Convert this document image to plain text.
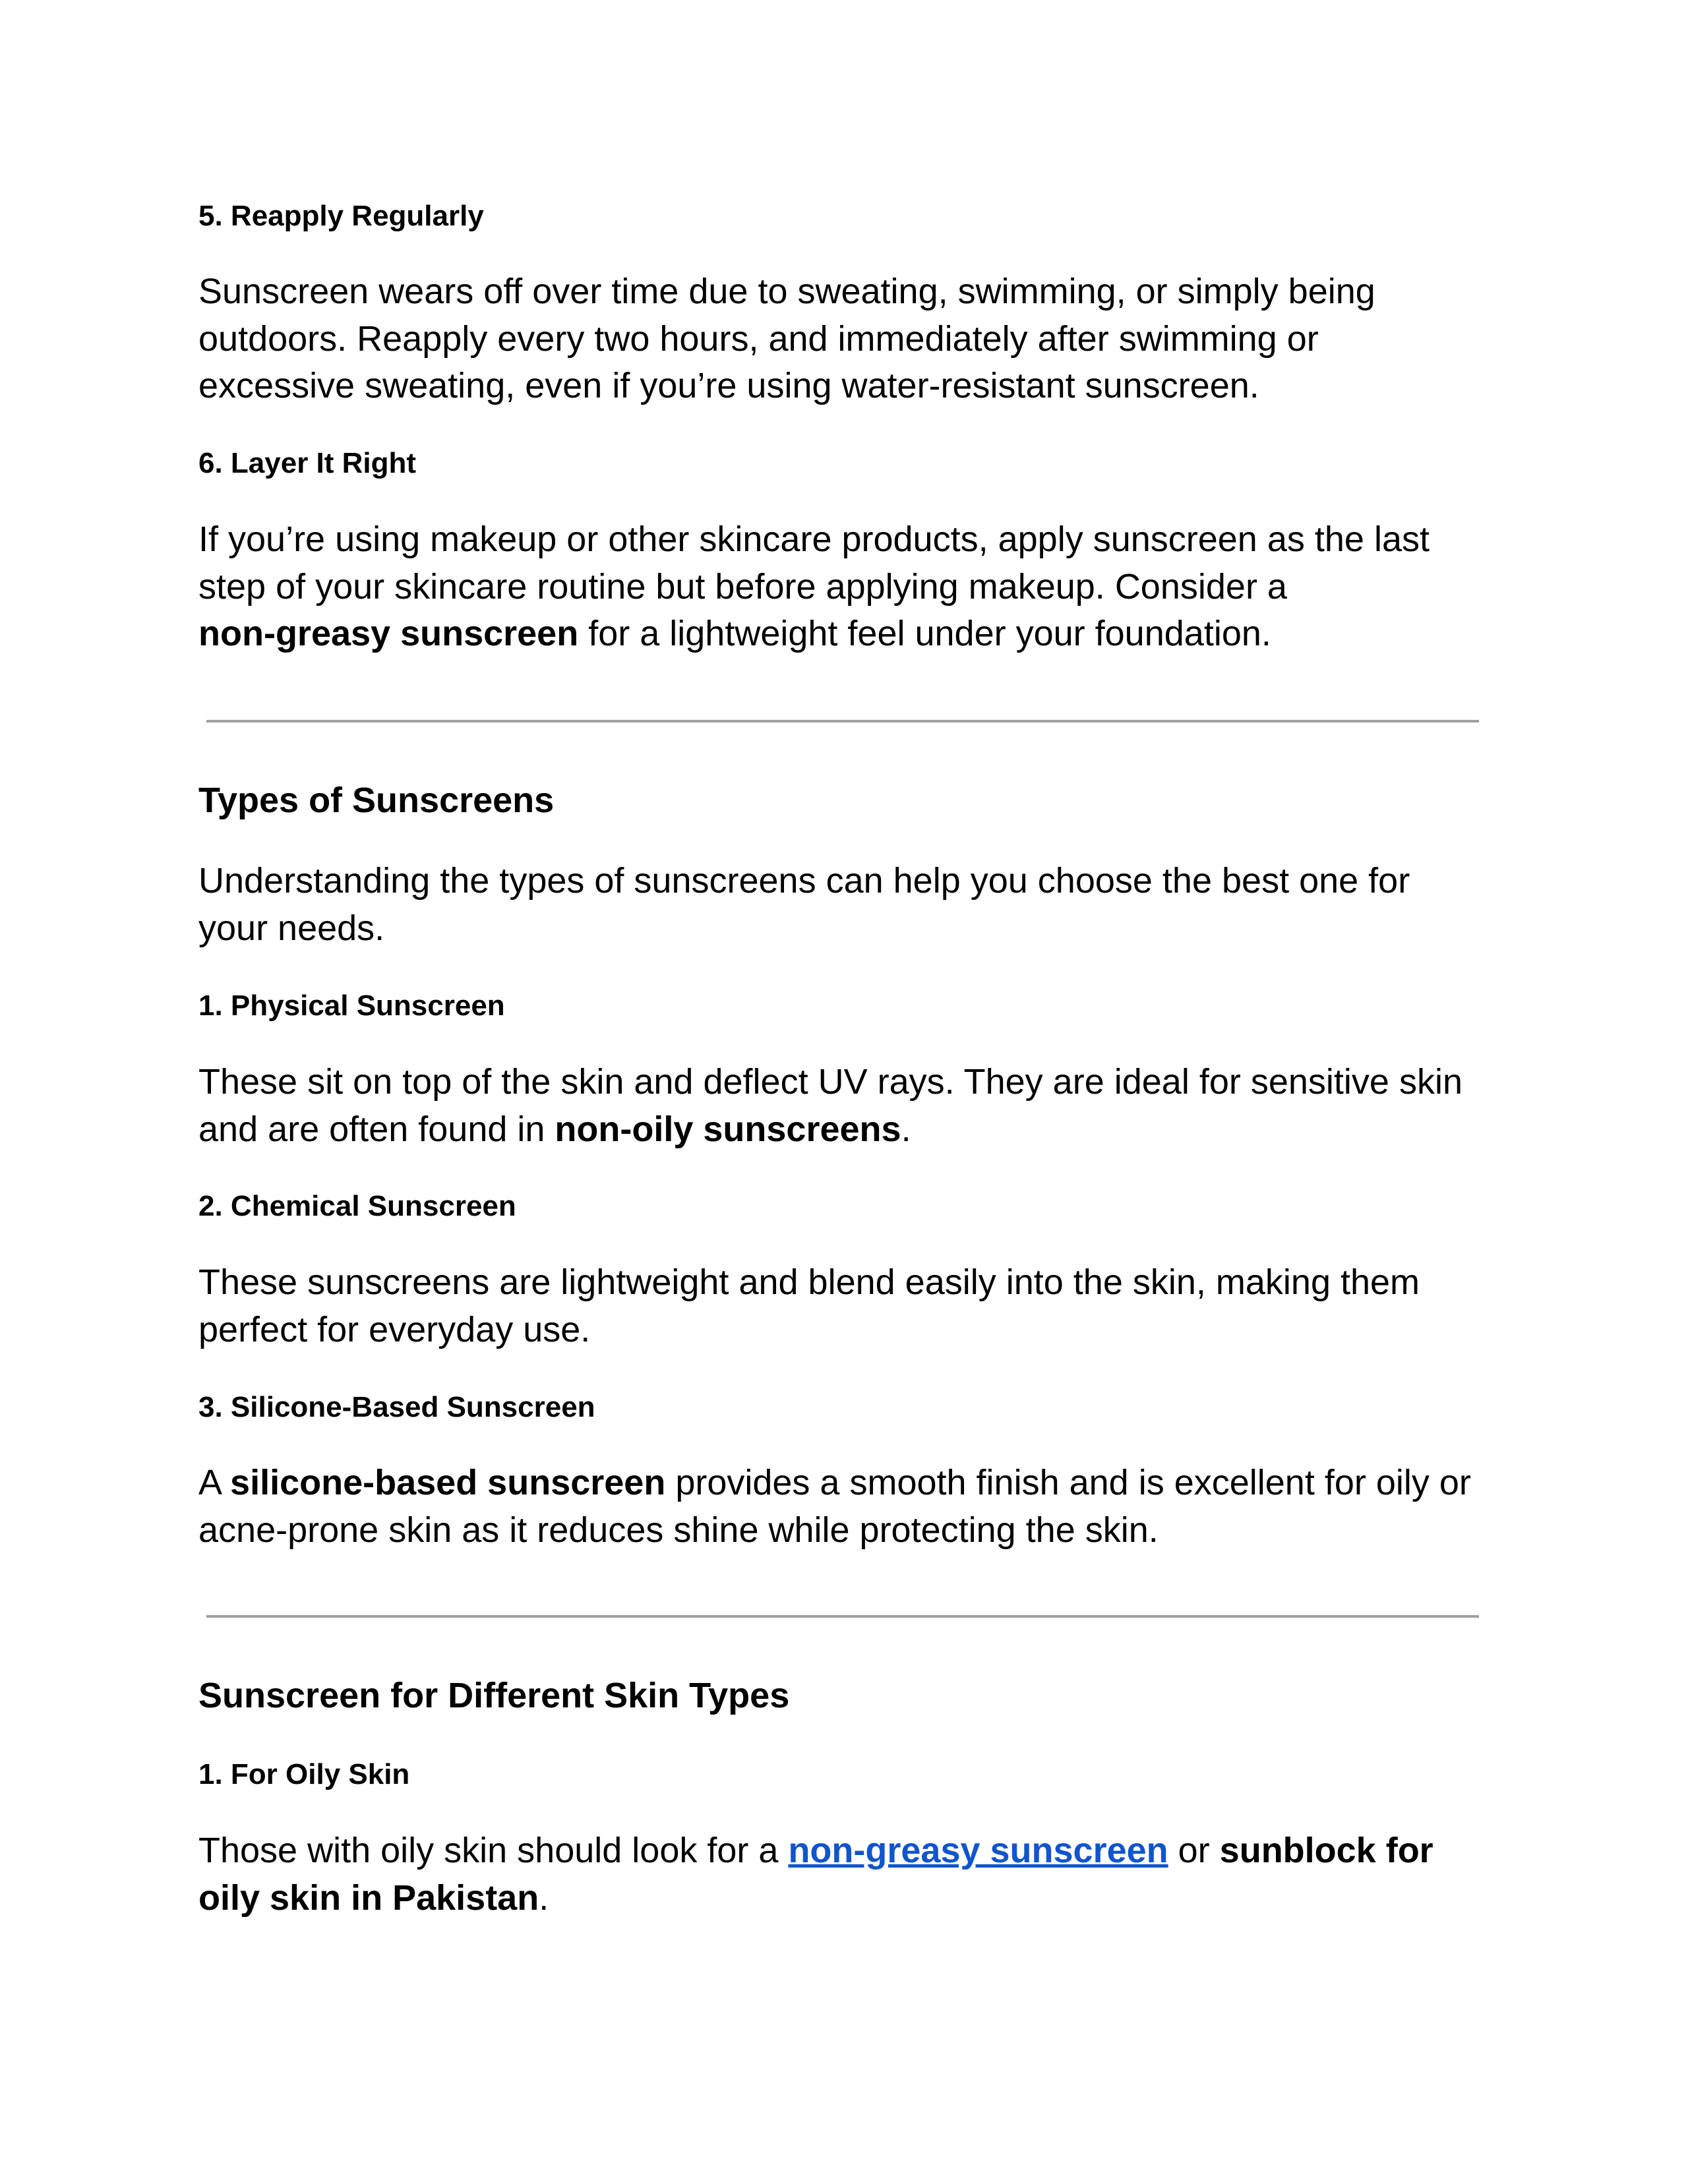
5. Reapply Regularly
Sunscreen wears off over time due to sweating, swimming, or simply being
outdoors. Reapply every two hours, and immediately after swimming or
excessive sweating, even if you’re using water-resistant sunscreen.
6. Layer It Right
If you’re using makeup or other skincare products, apply sunscreen as the last
step of your skincare routine but before applying makeup. Consider a
non-greasy sunscreen for a lightweight feel under your foundation.
Types of Sunscreens
Understanding the types of sunscreens can help you choose the best one for
your needs.
1. Physical Sunscreen
These sit on top of the skin and deflect UV rays. They are ideal for sensitive skin
and are often found in non-oily sunscreens.
2. Chemical Sunscreen
These sunscreens are lightweight and blend easily into the skin, making them
perfect for everyday use.
3. Silicone-Based Sunscreen
A silicone-based sunscreen provides a smooth finish and is excellent for oily or
acne-prone skin as it reduces shine while protecting the skin.
Sunscreen for Different Skin Types
1. For Oily Skin
Those with oily skin should look for a non-greasy sunscreen or sunblock for
oily skin in Pakistan.
